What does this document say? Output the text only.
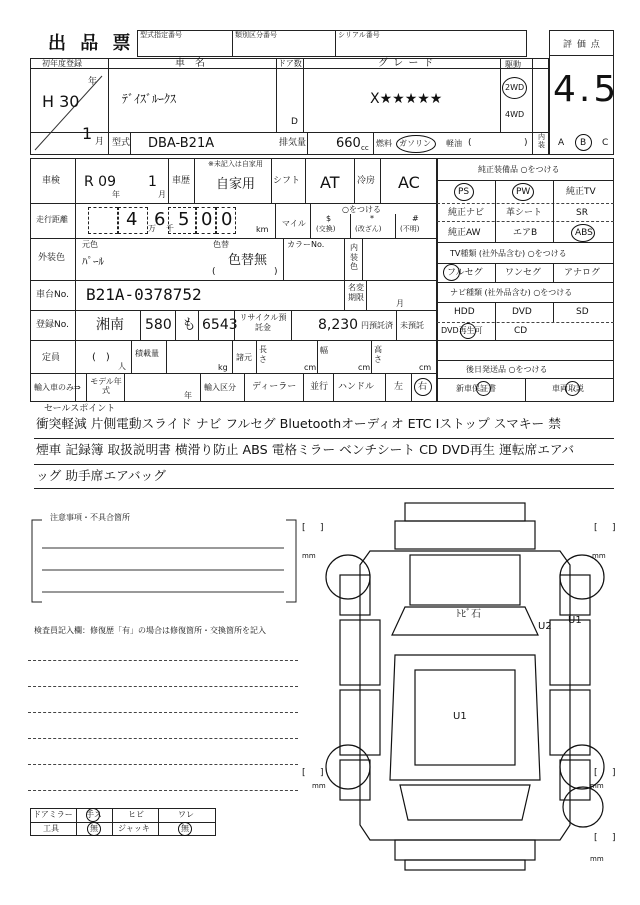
出 品 票 型式指定番号	類別区分番号	シリアル番号
評 価 点
4.5
初年度登録
年
H 30
1 月
車　名
ﾃﾞｲｽﾞﾙｰｸｽ
ドア数
D
グ レ ー ド
X★★★★★
駆動
2WD
4WD
型式 DBA-B21A	排気量 660 cc 燃料 ガソリン 軽油 (	)
内装	A B C
車検 R 09
年
1
月
車歴
※未記入は自家用
自家用 シフト AT 冷房 AC
走行距離	4 万
6 千 5 0 0	km
マイル
○をつける
$
(交換)
*
(改ざん)
#
(不明)
外装色
元色
ﾊﾟｰﾙ
色替
色替無
(	)
カラーNo.	内装色
車台No. B21A-0378752	名変期限
月
登録No. 湘南 580 も 6543 リサイクル預託金	8,230 円預託済 未預託
定員	(　)
人
積載量
kg
諸元
長さ
cm
幅
cm
高さ
cm
輸入車のみ⇒
モデル年式
年
輸入区分 ディーラー 並行 ハンドル 左 右
純正装備品 ○をつける
PS	PW	純正TV
純正ナビ 革シート	SR
純正AW	エアB	ABS
TV種類 (社外品含む) ○をつける
フルセグ ワンセグ	アナログ
ナビ種類 (社外品含む) ○をつける
HDD	DVD	SD
DVD再生可	CD
後日発送品 ○をつける
新車保証書	車両取説
セールスポイント
衝突軽減 片側電動スライド ナビ フルセグ Bluetoothオーディオ ETC Iストップ スマキー 禁
煙車 記録簿 取扱説明書 横滑り防止 ABS 電格ミラー ベンチシート CD DVD再生 運転席エアバ
ッグ 助手席エアバッグ
注意事項・不具合箇所
検査員記入欄：修復歴「有」の場合は修復箇所・交換箇所を記入
ドアミラー 手ス	ヒビ	ワレ
工具	無	ジャッキ	無
[ ]	[ ]
[ ]	[ ]
[ ]
mm	mm
mm	mm
mm
ﾄﾋﾞ石
U2
U1
U1
